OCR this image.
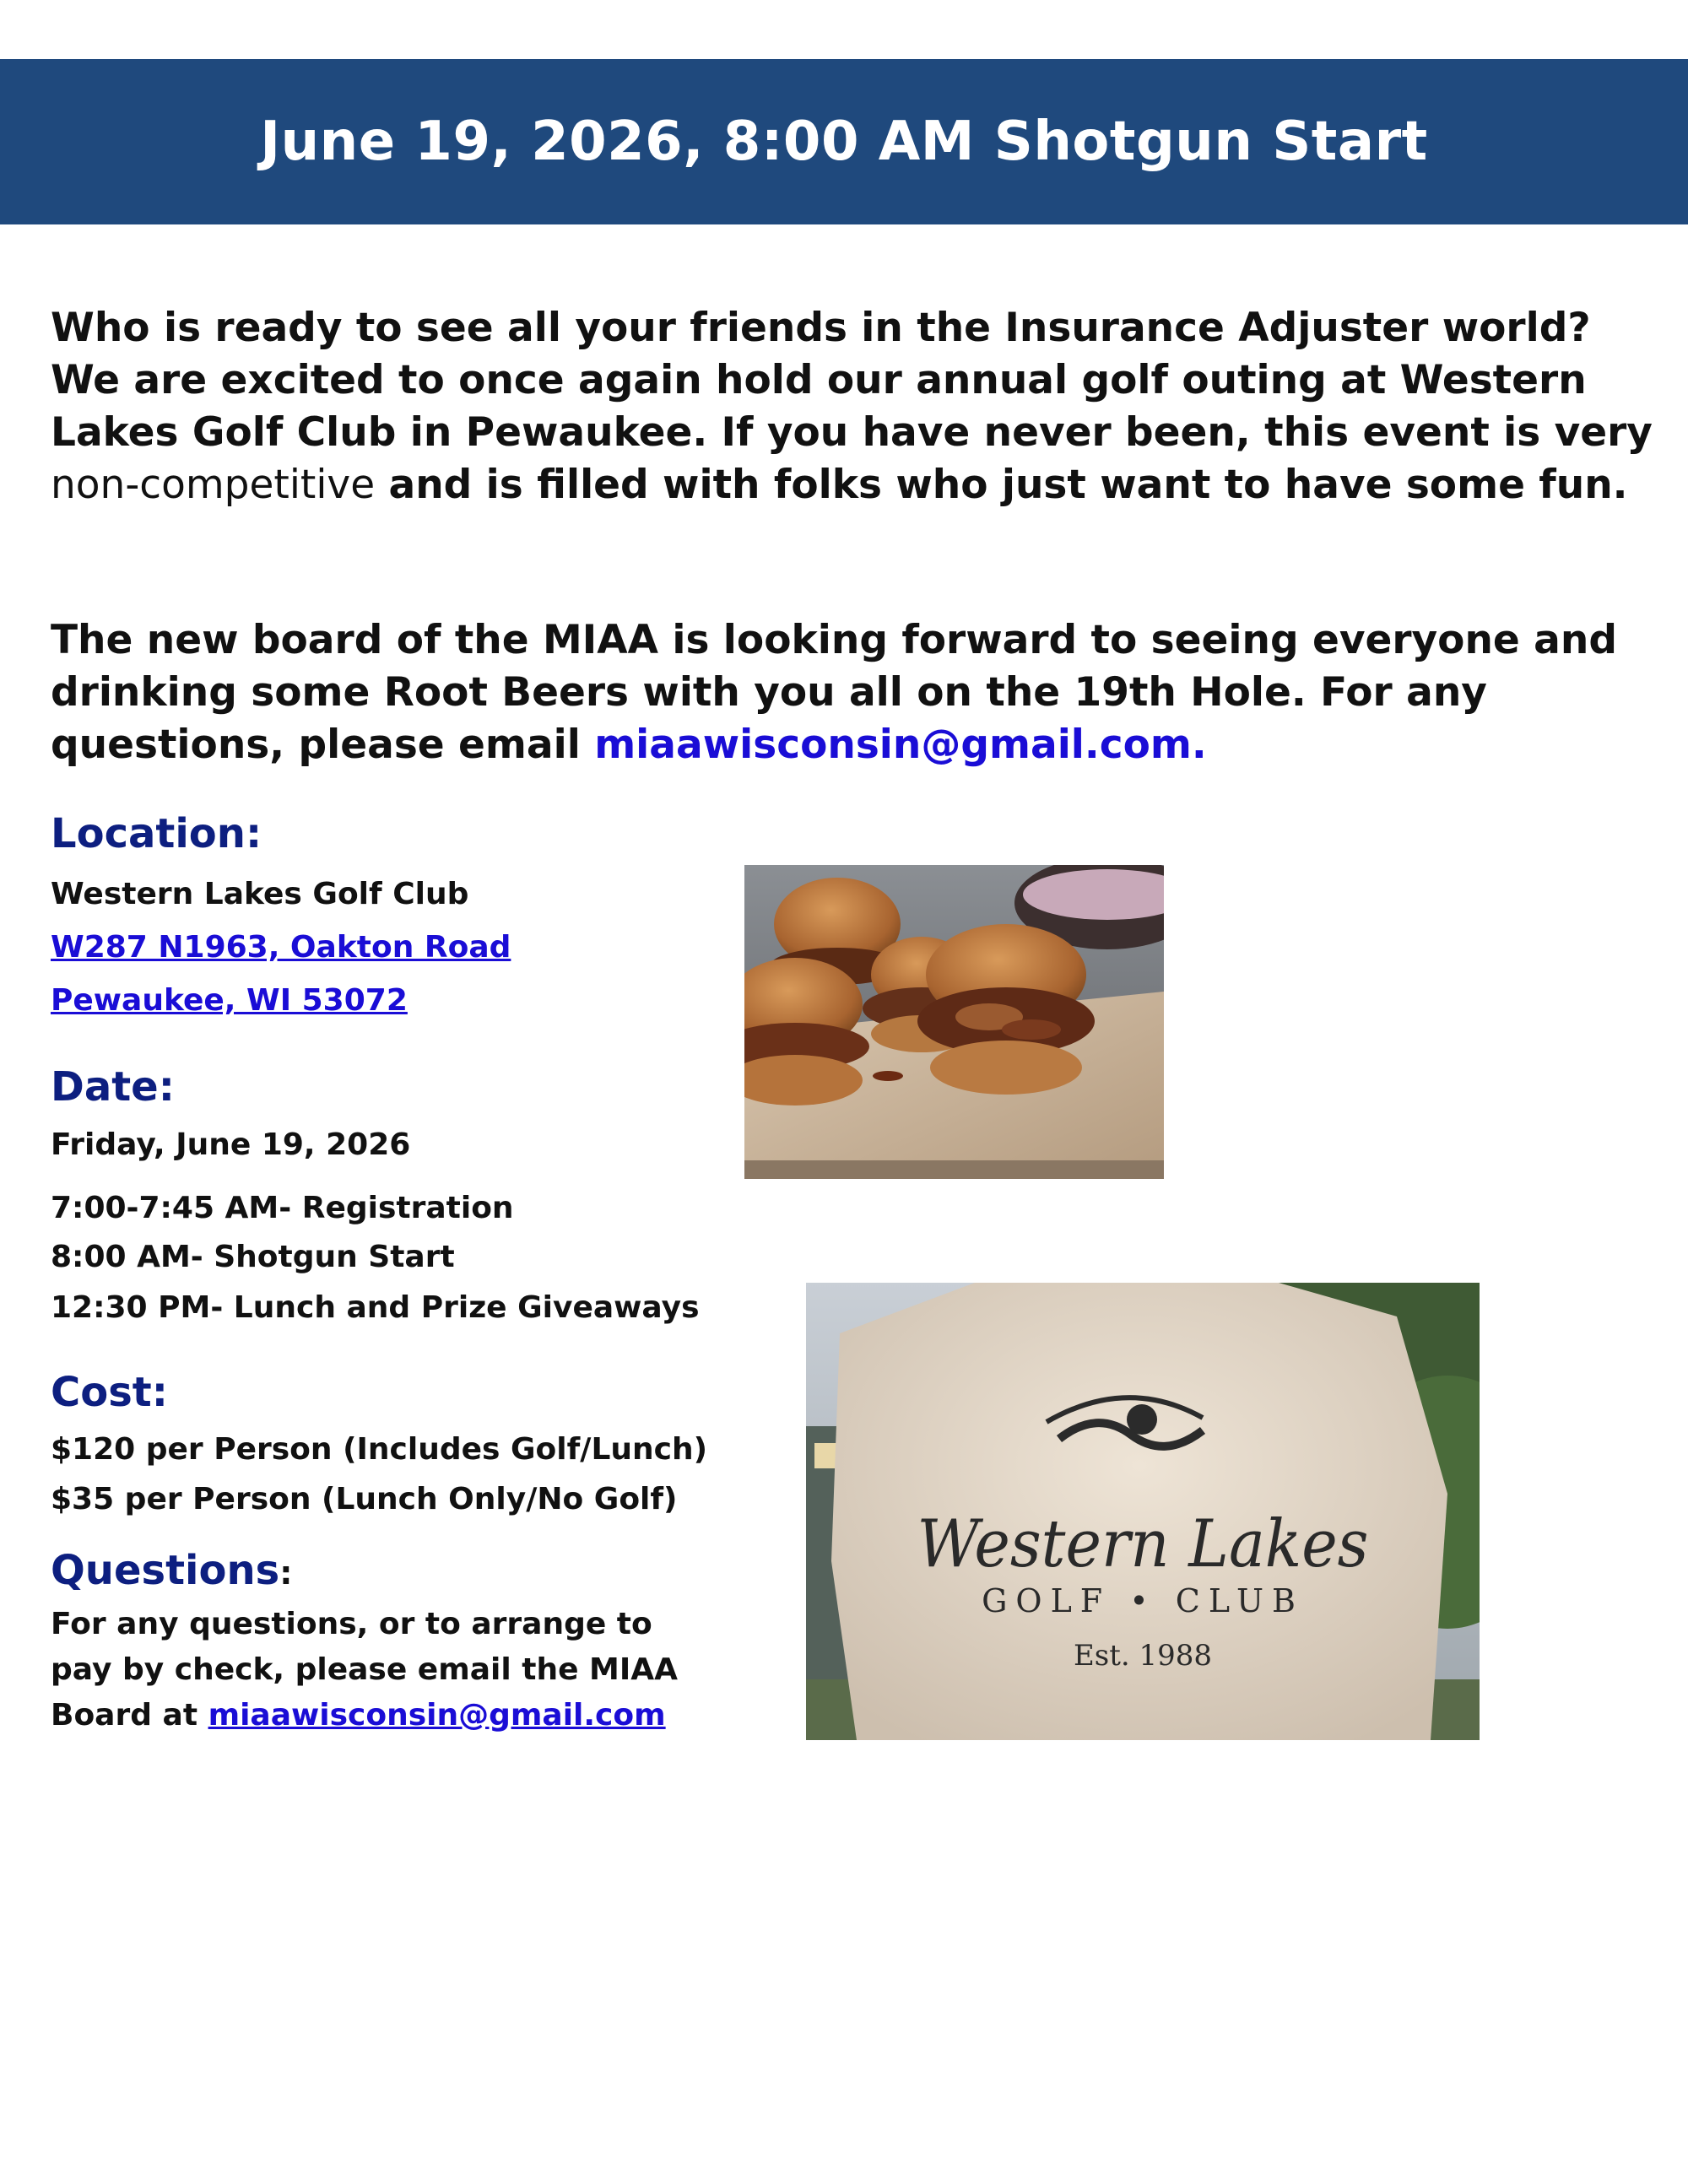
June 19, 2026, 8:00 AM Shotgun Start

Who is ready to see all your friends in the Insurance Adjuster world? We are excited to once again hold our annual golf outing at Western Lakes Golf Club in Pewaukee. If you have never been, this event is very non-competitive and is filled with folks who just want to have some fun.

The new board of the MIAA is looking forward to seeing everyone and drinking some Root Beers with you all on the 19th Hole. For any questions, please email miaawisconsin@gmail.com.

Location:

Western Lakes Golf Club

W287 N1963, Oakton Road

Pewaukee, WI 53072

Date:

Friday, June 19, 2026

7:00-7:45 AM- Registration

8:00 AM- Shotgun Start

12:30 PM- Lunch and Prize Giveaways

Cost:

$120 per Person (Includes Golf/Lunch)

$35 per Person (Lunch Only/No Golf)

Questions:

For any questions, or to arrange to pay by check, please email the MIAA Board at miaawisconsin@gmail.com

Western Lakes
GOLF • CLUB
Est. 1988
